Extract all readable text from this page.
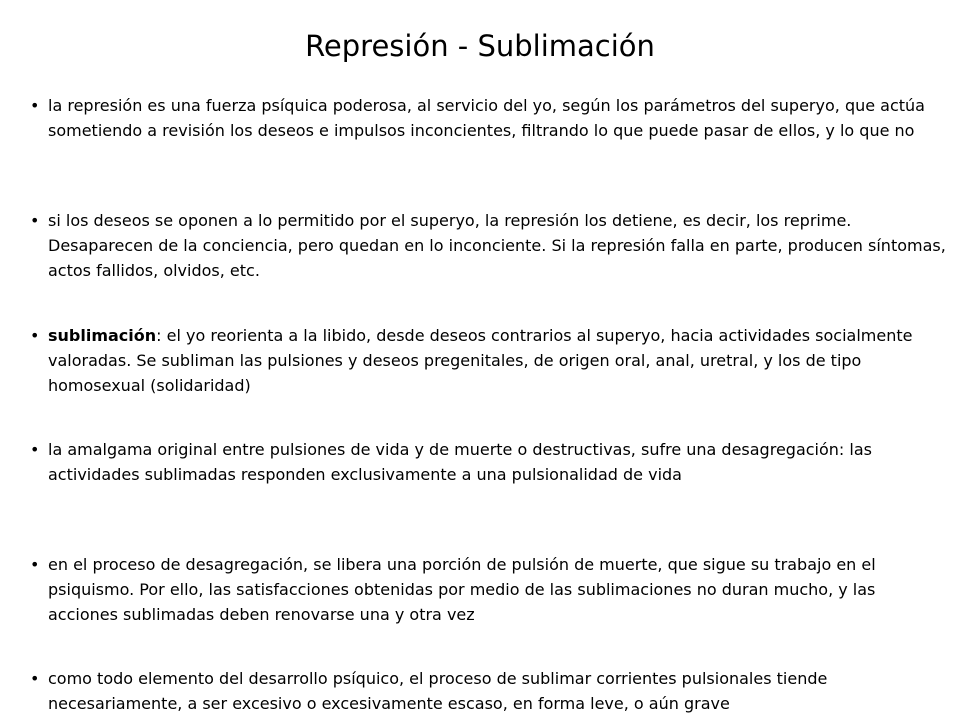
Represión - Sublimación
• la represión es una fuerza psíquica poderosa, al servicio del yo, según los parámetros del superyo, que actúa sometiendo a revisión los deseos e impulsos inconcientes, filtrando lo que puede pasar de ellos, y lo que no
• si los deseos se oponen a lo permitido por el superyo, la represión los detiene, es decir, los reprime. Desaparecen de la conciencia, pero quedan en lo inconciente. Si la represión falla en parte, producen síntomas, actos fallidos, olvidos, etc.
• sublimación: el yo reorienta a la libido, desde deseos contrarios al superyo, hacia actividades socialmente valoradas. Se subliman las pulsiones y deseos pregenitales, de origen oral, anal, uretral, y los de tipo homosexual (solidaridad)
• la amalgama original entre pulsiones de vida y de muerte o destructivas, sufre una desagregación: las actividades sublimadas responden exclusivamente a una pulsionalidad de vida
• en el proceso de desagregación, se libera una porción de pulsión de muerte, que sigue su trabajo en el psiquismo. Por ello, las satisfacciones obtenidas por medio de las sublimaciones no duran mucho, y las acciones sublimadas deben renovarse una y otra vez
• como todo elemento del desarrollo psíquico, el proceso de sublimar corrientes pulsionales tiende necesariamente, a ser excesivo o excesivamente escaso, en forma leve, o aún grave
